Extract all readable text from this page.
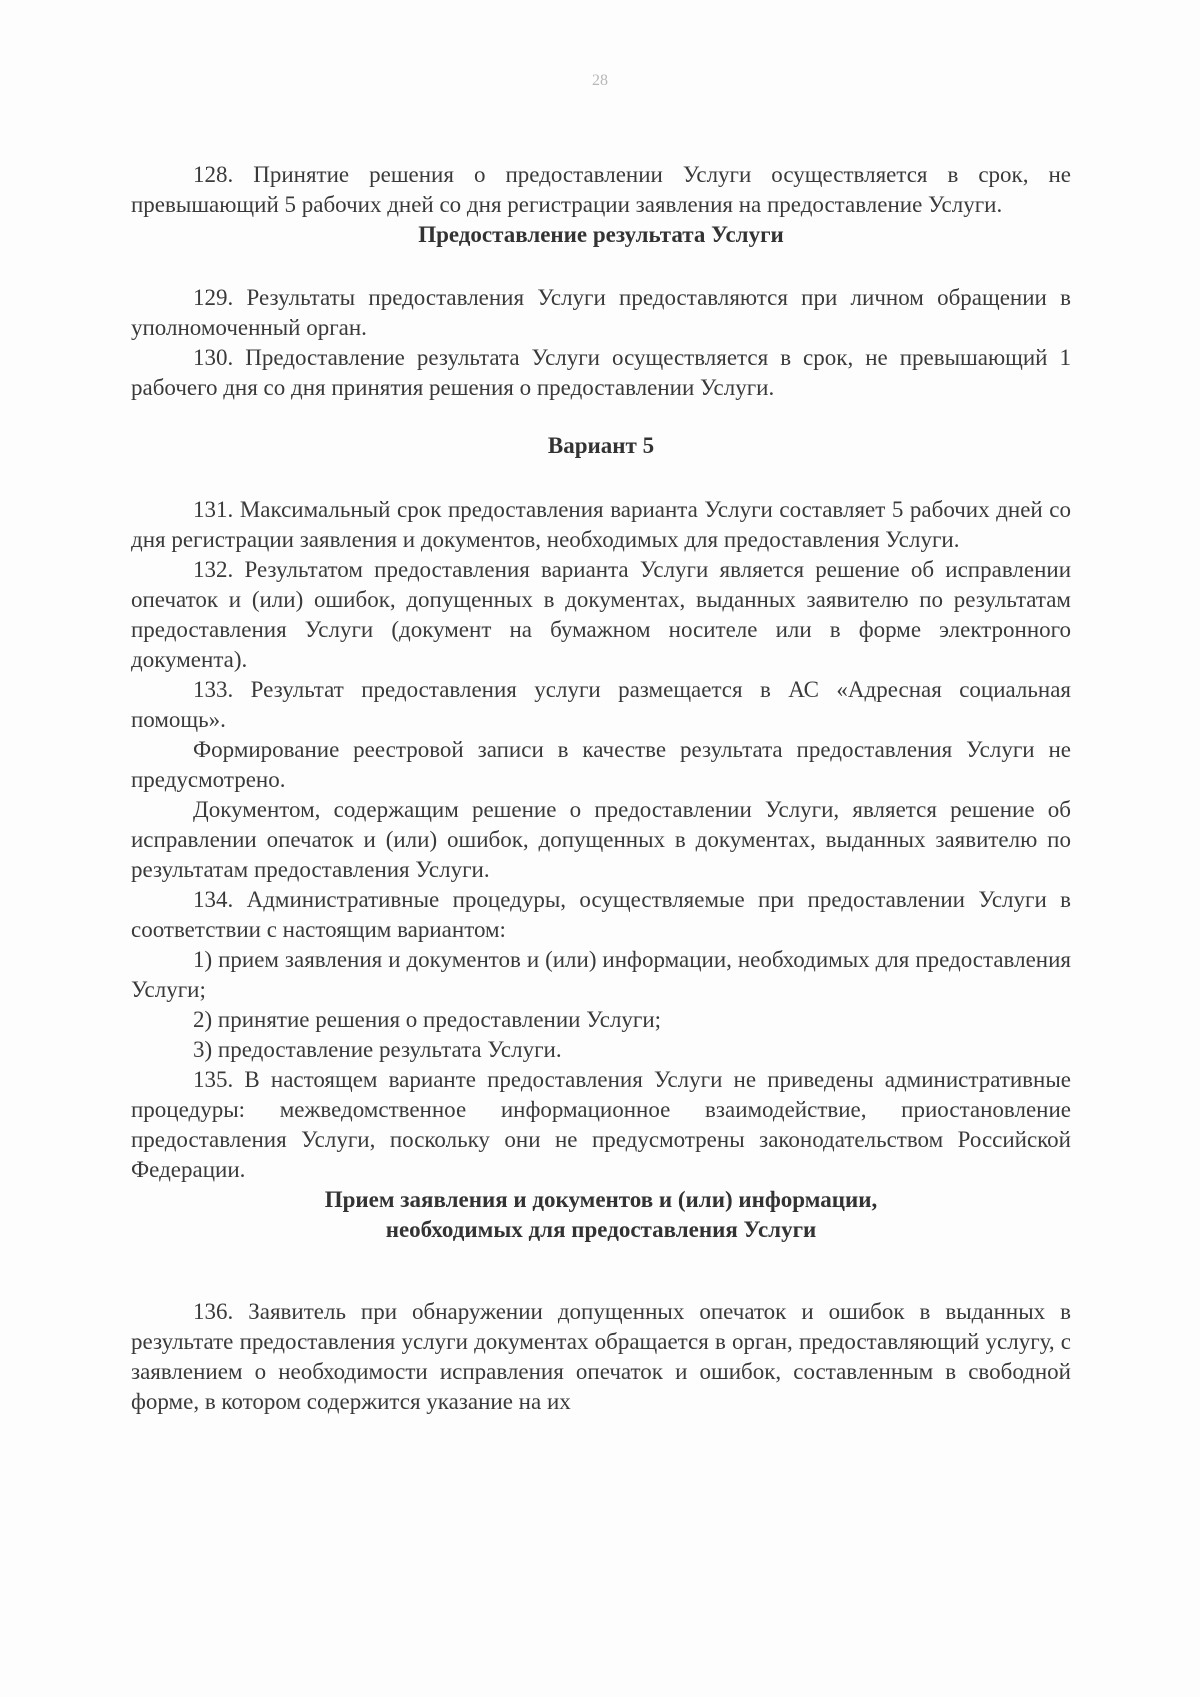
28

128. Принятие решения о предоставлении Услуги осуществляется в срок, не превышающий 5 рабочих дней со дня регистрации заявления на предоставление Услуги.

Предоставление результата Услуги

129. Результаты предоставления Услуги предоставляются при личном обращении в уполномоченный орган.

130. Предоставление результата Услуги осуществляется в срок, не превышающий 1 рабочего дня со дня принятия решения о предоставлении Услуги.

Вариант 5

131. Максимальный срок предоставления варианта Услуги составляет 5 рабочих дней со дня регистрации заявления и документов, необходимых для предоставления Услуги.

132. Результатом предоставления варианта Услуги является решение об исправлении опечаток и (или) ошибок, допущенных в документах, выданных заявителю по результатам предоставления Услуги (документ на бумажном носителе или в форме электронного документа).

133. Результат предоставления услуги размещается в АС «Адресная социальная помощь».

Формирование реестровой записи в качестве результата предоставления Услуги не предусмотрено.

Документом, содержащим решение о предоставлении Услуги, является решение об исправлении опечаток и (или) ошибок, допущенных в документах, выданных заявителю по результатам предоставления Услуги.

134. Административные процедуры, осуществляемые при предоставлении Услуги в соответствии с настоящим вариантом:

1) прием заявления и документов и (или) информации, необходимых для предоставления Услуги;

2) принятие решения о предоставлении Услуги;

3) предоставление результата Услуги.

135. В настоящем варианте предоставления Услуги не приведены административные процедуры: межведомственное информационное взаимодействие, приостановление предоставления Услуги, поскольку они не предусмотрены законодательством Российской Федерации.

Прием заявления и документов и (или) информации,
необходимых для предоставления Услуги

136. Заявитель при обнаружении допущенных опечаток и ошибок в выданных в результате предоставления услуги документах обращается в орган, предоставляющий услугу, с заявлением о необходимости исправления опечаток и ошибок, составленным в свободной форме, в котором содержится указание на их
